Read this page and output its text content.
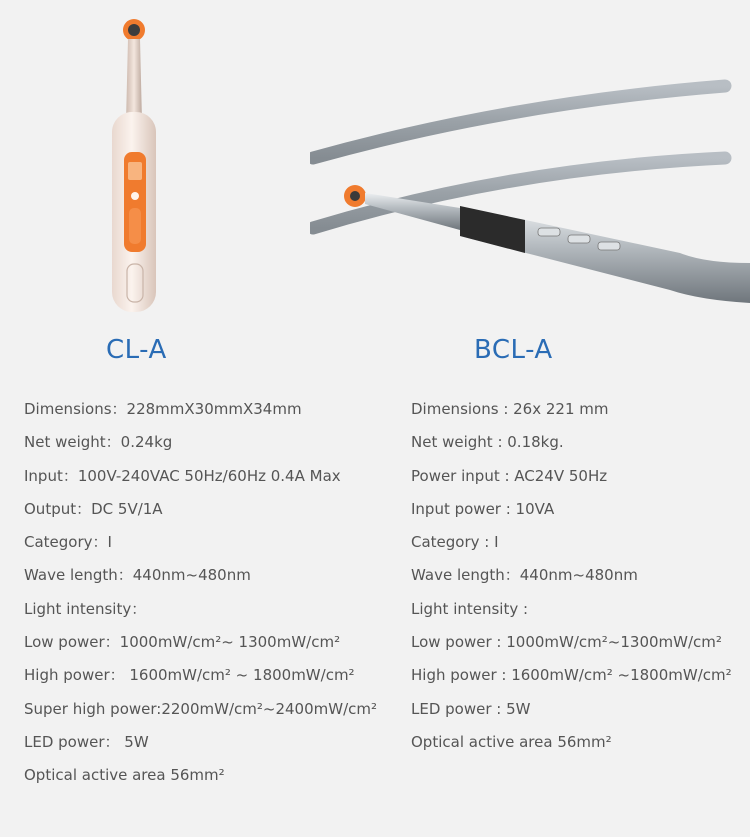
CL-A	BCL-A
Dimensions：228mmX30mmX34mm
Net weight：0.24kg
Input：100V-240VAC 50Hz/60Hz 0.4A Max
Output：DC 5V/1A
Category：Ⅰ
Wave length：440nm~480nm
Light intensity：
Low power：1000mW/cm²~ 1300mW/cm²
High power： 1600mW/cm² ~ 1800mW/cm²
Super high power:2200mW/cm²~2400mW/cm²
LED power： 5W
Optical active area 56mm²
Dimensions : 26x 221 mm
Net weight : 0.18kg.
Power input : AC24V 50Hz
Input power : 10VA
Category : Ⅰ
Wave length：440nm~480nm
Light intensity :
Low power : 1000mW/cm²~1300mW/cm²
High power : 1600mW/cm² ~1800mW/cm²
LED power : 5W
Optical active area 56mm²
